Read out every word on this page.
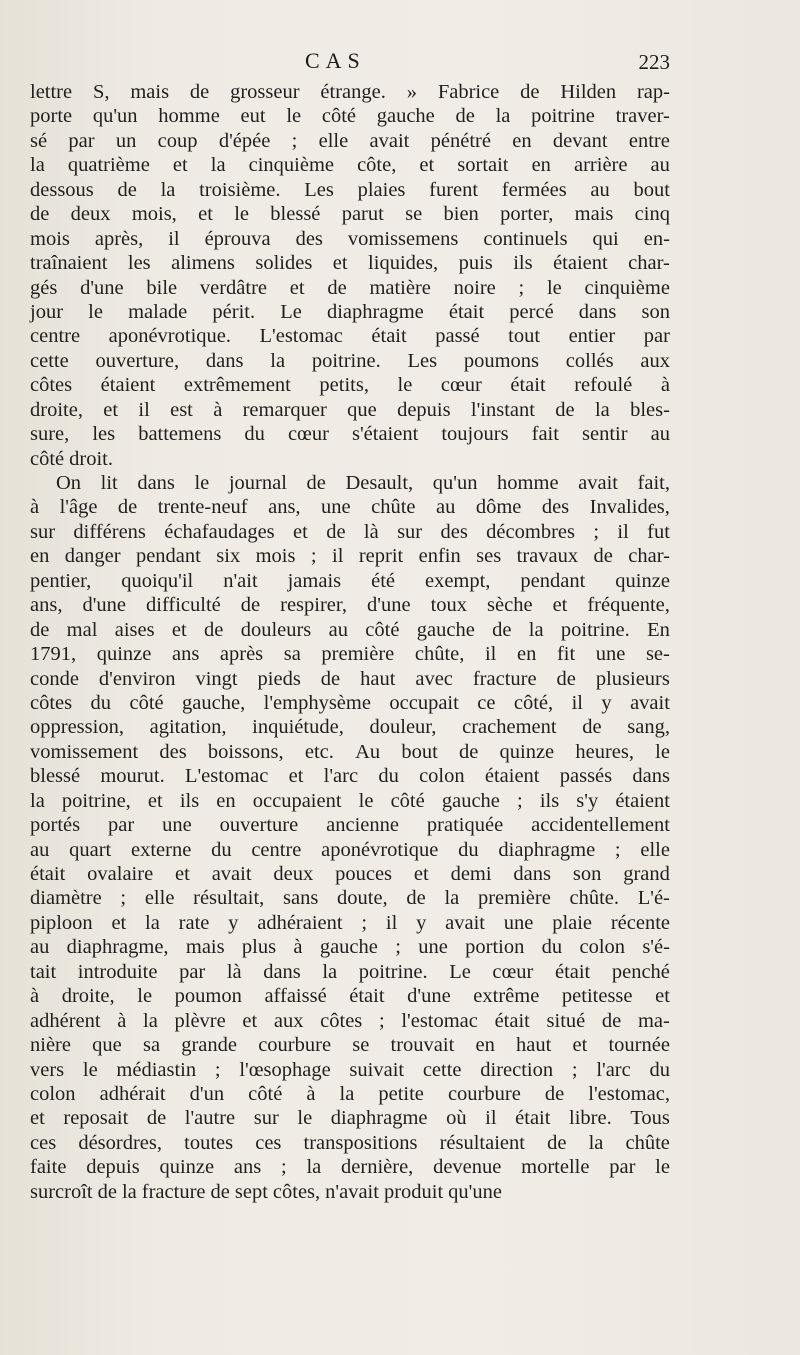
CAS	223
lettre S, mais de grosseur étrange. » Fabrice de Hilden rap-
porte qu'un homme eut le côté gauche de la poitrine traver-
sé par un coup d'épée ; elle avait pénétré en devant entre
la quatrième et la cinquième côte, et sortait en arrière au
dessous de la troisième. Les plaies furent fermées au bout
de deux mois, et le blessé parut se bien porter, mais cinq
mois après, il éprouva des vomissemens continuels qui en-
traînaient les alimens solides et liquides, puis ils étaient char-
gés d'une bile verdâtre et de matière noire ; le cinquième
jour le malade périt. Le diaphragme était percé dans son
centre aponévrotique. L'estomac était passé tout entier par
cette ouverture, dans la poitrine. Les poumons collés aux
côtes étaient extrêmement petits, le cœur était refoulé à
droite, et il est à remarquer que depuis l'instant de la bles-
sure, les battemens du cœur s'étaient toujours fait sentir au
côté droit.
On lit dans le journal de Desault, qu'un homme avait fait,
à l'âge de trente-neuf ans, une chûte au dôme des Invalides,
sur différens échafaudages et de là sur des décombres ; il fut
en danger pendant six mois ; il reprit enfin ses travaux de char-
pentier, quoiqu'il n'ait jamais été exempt, pendant quinze
ans, d'une difficulté de respirer, d'une toux sèche et fréquente,
de mal aises et de douleurs au côté gauche de la poitrine. En
1791, quinze ans après sa première chûte, il en fit une se-
conde d'environ vingt pieds de haut avec fracture de plusieurs
côtes du côté gauche, l'emphysème occupait ce côté, il y avait
oppression, agitation, inquiétude, douleur, crachement de sang,
vomissement des boissons, etc. Au bout de quinze heures, le
blessé mourut. L'estomac et l'arc du colon étaient passés dans
la poitrine, et ils en occupaient le côté gauche ; ils s'y étaient
portés par une ouverture ancienne pratiquée accidentellement
au quart externe du centre aponévrotique du diaphragme ; elle
était ovalaire et avait deux pouces et demi dans son grand
diamètre ; elle résultait, sans doute, de la première chûte. L'é-
piploon et la rate y adhéraient ; il y avait une plaie récente
au diaphragme, mais plus à gauche ; une portion du colon s'é-
tait introduite par là dans la poitrine. Le cœur était penché
à droite, le poumon affaissé était d'une extrême petitesse et
adhérent à la plèvre et aux côtes ; l'estomac était situé de ma-
nière que sa grande courbure se trouvait en haut et tournée
vers le médiastin ; l'œsophage suivait cette direction ; l'arc du
colon adhérait d'un côté à la petite courbure de l'estomac,
et reposait de l'autre sur le diaphragme où il était libre. Tous
ces désordres, toutes ces transpositions résultaient de la chûte
faite depuis quinze ans ; la dernière, devenue mortelle par le
surcroît de la fracture de sept côtes, n'avait produit qu'une
